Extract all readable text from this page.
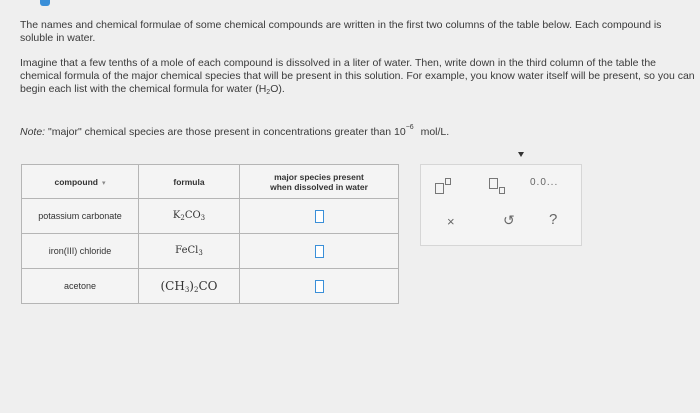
The names and chemical formulae of some chemical compounds are written in the first two columns of the table below. Each compound is soluble in water.
Imagine that a few tenths of a mole of each compound is dissolved in a liter of water. Then, write down in the third column of the table the chemical formula of the major chemical species that will be present in this solution. For example, you know water itself will be present, so you can begin each list with the chemical formula for water $(H_2O)$.
Note: "major" chemical species are those present in concentrations greater than $10^{-6}$ mol/L.
compound ▾	formula	major species present
when dissolved in water

potassium carbonate	$K_2CO_3$	
iron(III) chloride	FeCl$_3$	
acetone	$(CH_3)_2CO$	
0.0...
×	↺ ?
